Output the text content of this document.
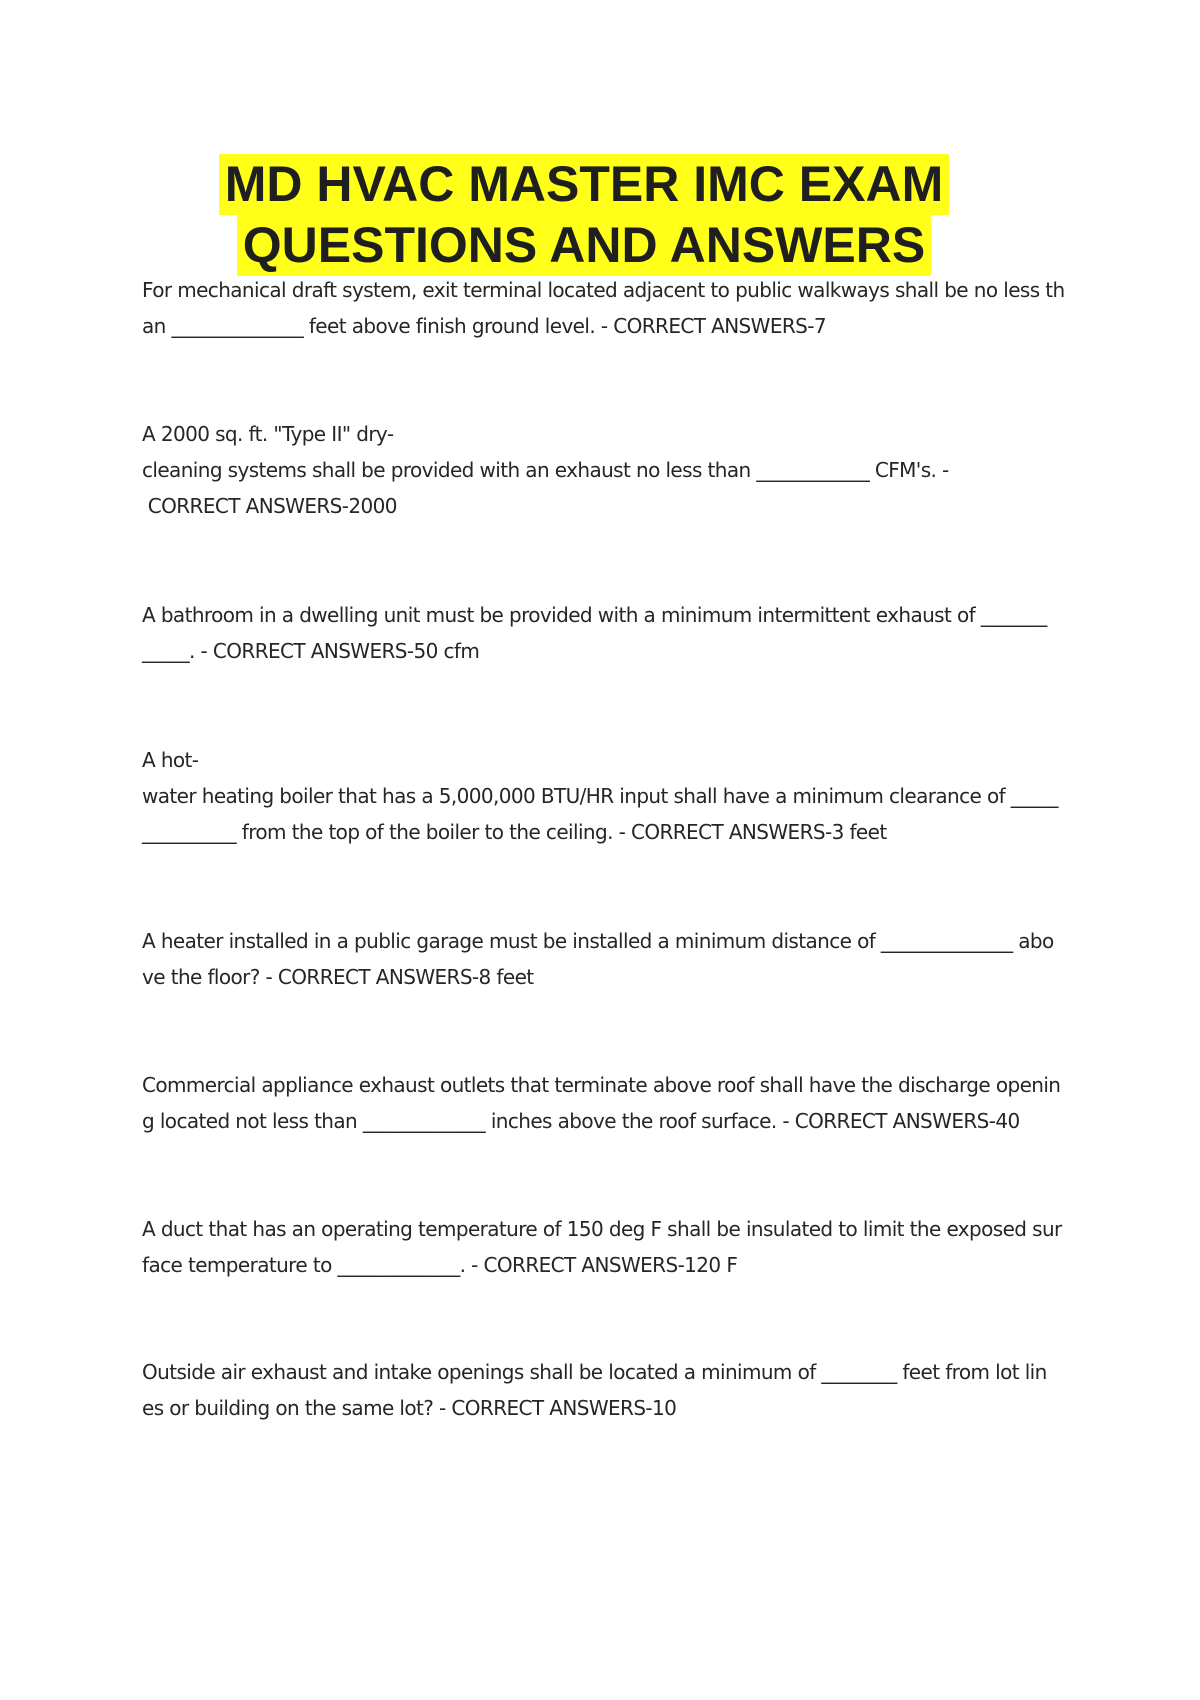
MD HVAC MASTER IMC EXAM
QUESTIONS AND ANSWERS
For mechanical draft system, exit terminal located adjacent to public walkways shall be no less th
an ______________ feet above finish ground level. - CORRECT ANSWERS-7
A 2000 sq. ft. "Type II" dry-
cleaning systems shall be provided with an exhaust no less than ____________ CFM's. -
CORRECT ANSWERS-2000
A bathroom in a dwelling unit must be provided with a minimum intermittent exhaust of _______
_____. - CORRECT ANSWERS-50 cfm
A hot-
water heating boiler that has a 5,000,000 BTU/HR input shall have a minimum clearance of _____
__________ from the top of the boiler to the ceiling. - CORRECT ANSWERS-3 feet
A heater installed in a public garage must be installed a minimum distance of ______________ abo
ve the floor? - CORRECT ANSWERS-8 feet
Commercial appliance exhaust outlets that terminate above roof shall have the discharge openin
g located not less than _____________ inches above the roof surface. - CORRECT ANSWERS-40
A duct that has an operating temperature of 150 deg F shall be insulated to limit the exposed sur
face temperature to _____________. - CORRECT ANSWERS-120 F
Outside air exhaust and intake openings shall be located a minimum of ________ feet from lot lin
es or building on the same lot? - CORRECT ANSWERS-10
